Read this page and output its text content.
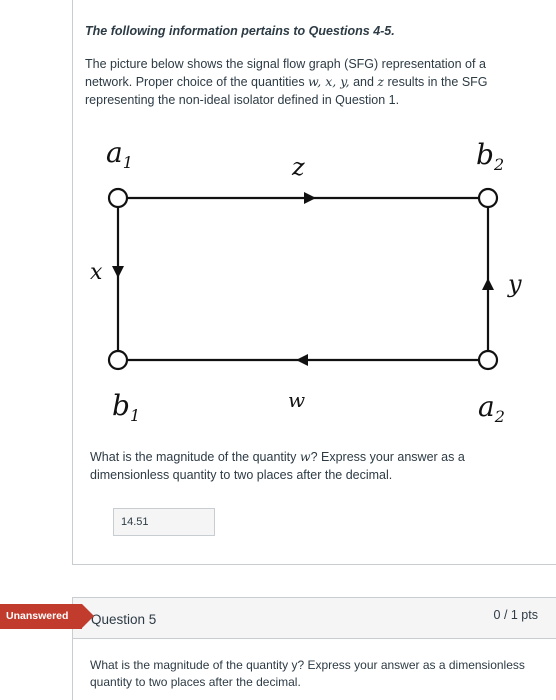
The following information pertains to Questions 4-5.
The picture below shows the signal flow graph (SFG) representation of a network. Proper choice of the quantities w, x, y, and z results in the SFG representing the non-ideal isolator defined in Question 1.
$a_1$	$b_2$
$b_1$	$a_2$
z
w
x	y
What is the magnitude of the quantity w? Express your answer as a dimensionless quantity to two places after the decimal.
14.51
Question 5	0 / 1 pts
Unanswered
What is the magnitude of the quantity y? Express your answer as a dimensionless quantity to two places after the decimal.
